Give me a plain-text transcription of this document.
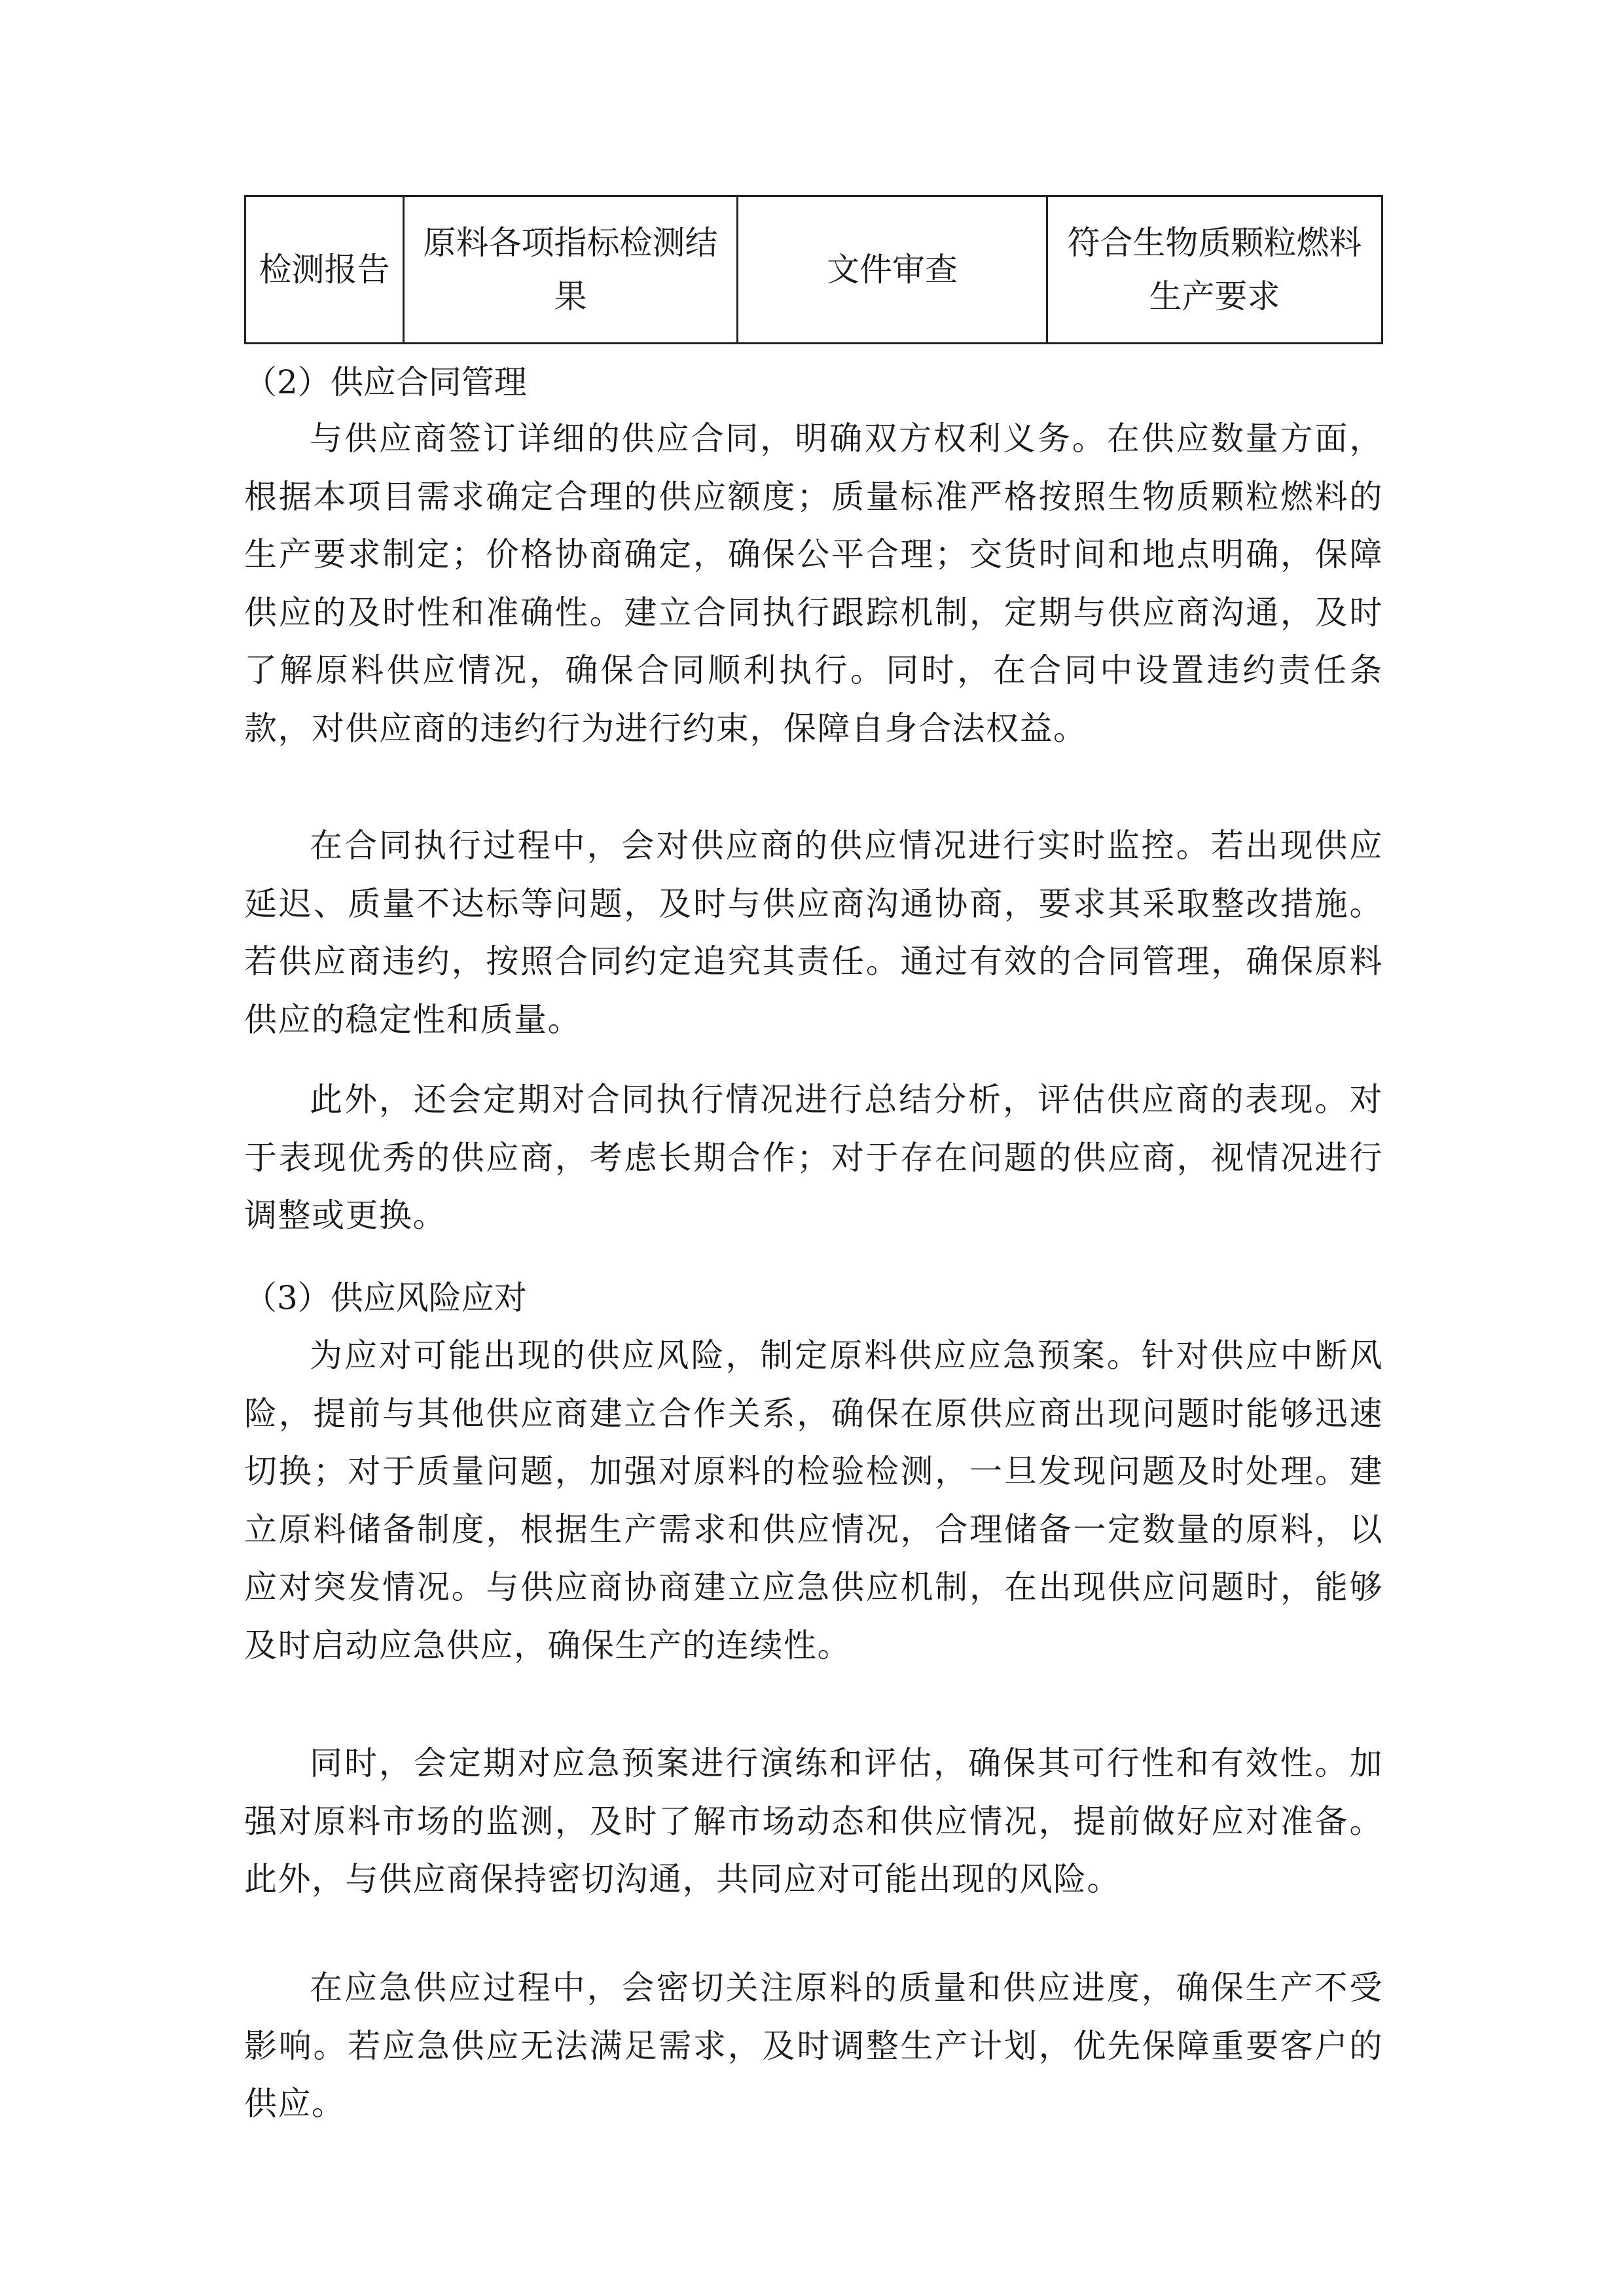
检测报告	原料各项指标检测结果	文件审查	符合生物质颗粒燃料生产要求
（2）供应合同管理
与供应商签订详细的供应合同，明确双方权利义务。在供应数量方面，根据本项目需求确定合理的供应额度；质量标准严格按照生物质颗粒燃料的生产要求制定；价格协商确定，确保公平合理；交货时间和地点明确，保障供应的及时性和准确性。建立合同执行跟踪机制，定期与供应商沟通，及时了解原料供应情况，确保合同顺利执行。同时，在合同中设置违约责任条款，对供应商的违约行为进行约束，保障自身合法权益。
在合同执行过程中，会对供应商的供应情况进行实时监控。若出现供应延迟、质量不达标等问题，及时与供应商沟通协商，要求其采取整改措施。若供应商违约，按照合同约定追究其责任。通过有效的合同管理，确保原料供应的稳定性和质量。
此外，还会定期对合同执行情况进行总结分析，评估供应商的表现。对于表现优秀的供应商，考虑长期合作；对于存在问题的供应商，视情况进行调整或更换。
（3）供应风险应对
为应对可能出现的供应风险，制定原料供应应急预案。针对供应中断风险，提前与其他供应商建立合作关系，确保在原供应商出现问题时能够迅速切换；对于质量问题，加强对原料的检验检测，一旦发现问题及时处理。建立原料储备制度，根据生产需求和供应情况，合理储备一定数量的原料，以应对突发情况。与供应商协商建立应急供应机制，在出现供应问题时，能够及时启动应急供应，确保生产的连续性。
同时，会定期对应急预案进行演练和评估，确保其可行性和有效性。加强对原料市场的监测，及时了解市场动态和供应情况，提前做好应对准备。此外，与供应商保持密切沟通，共同应对可能出现的风险。
在应急供应过程中，会密切关注原料的质量和供应进度，确保生产不受影响。若应急供应无法满足需求，及时调整生产计划，优先保障重要客户的供应。
